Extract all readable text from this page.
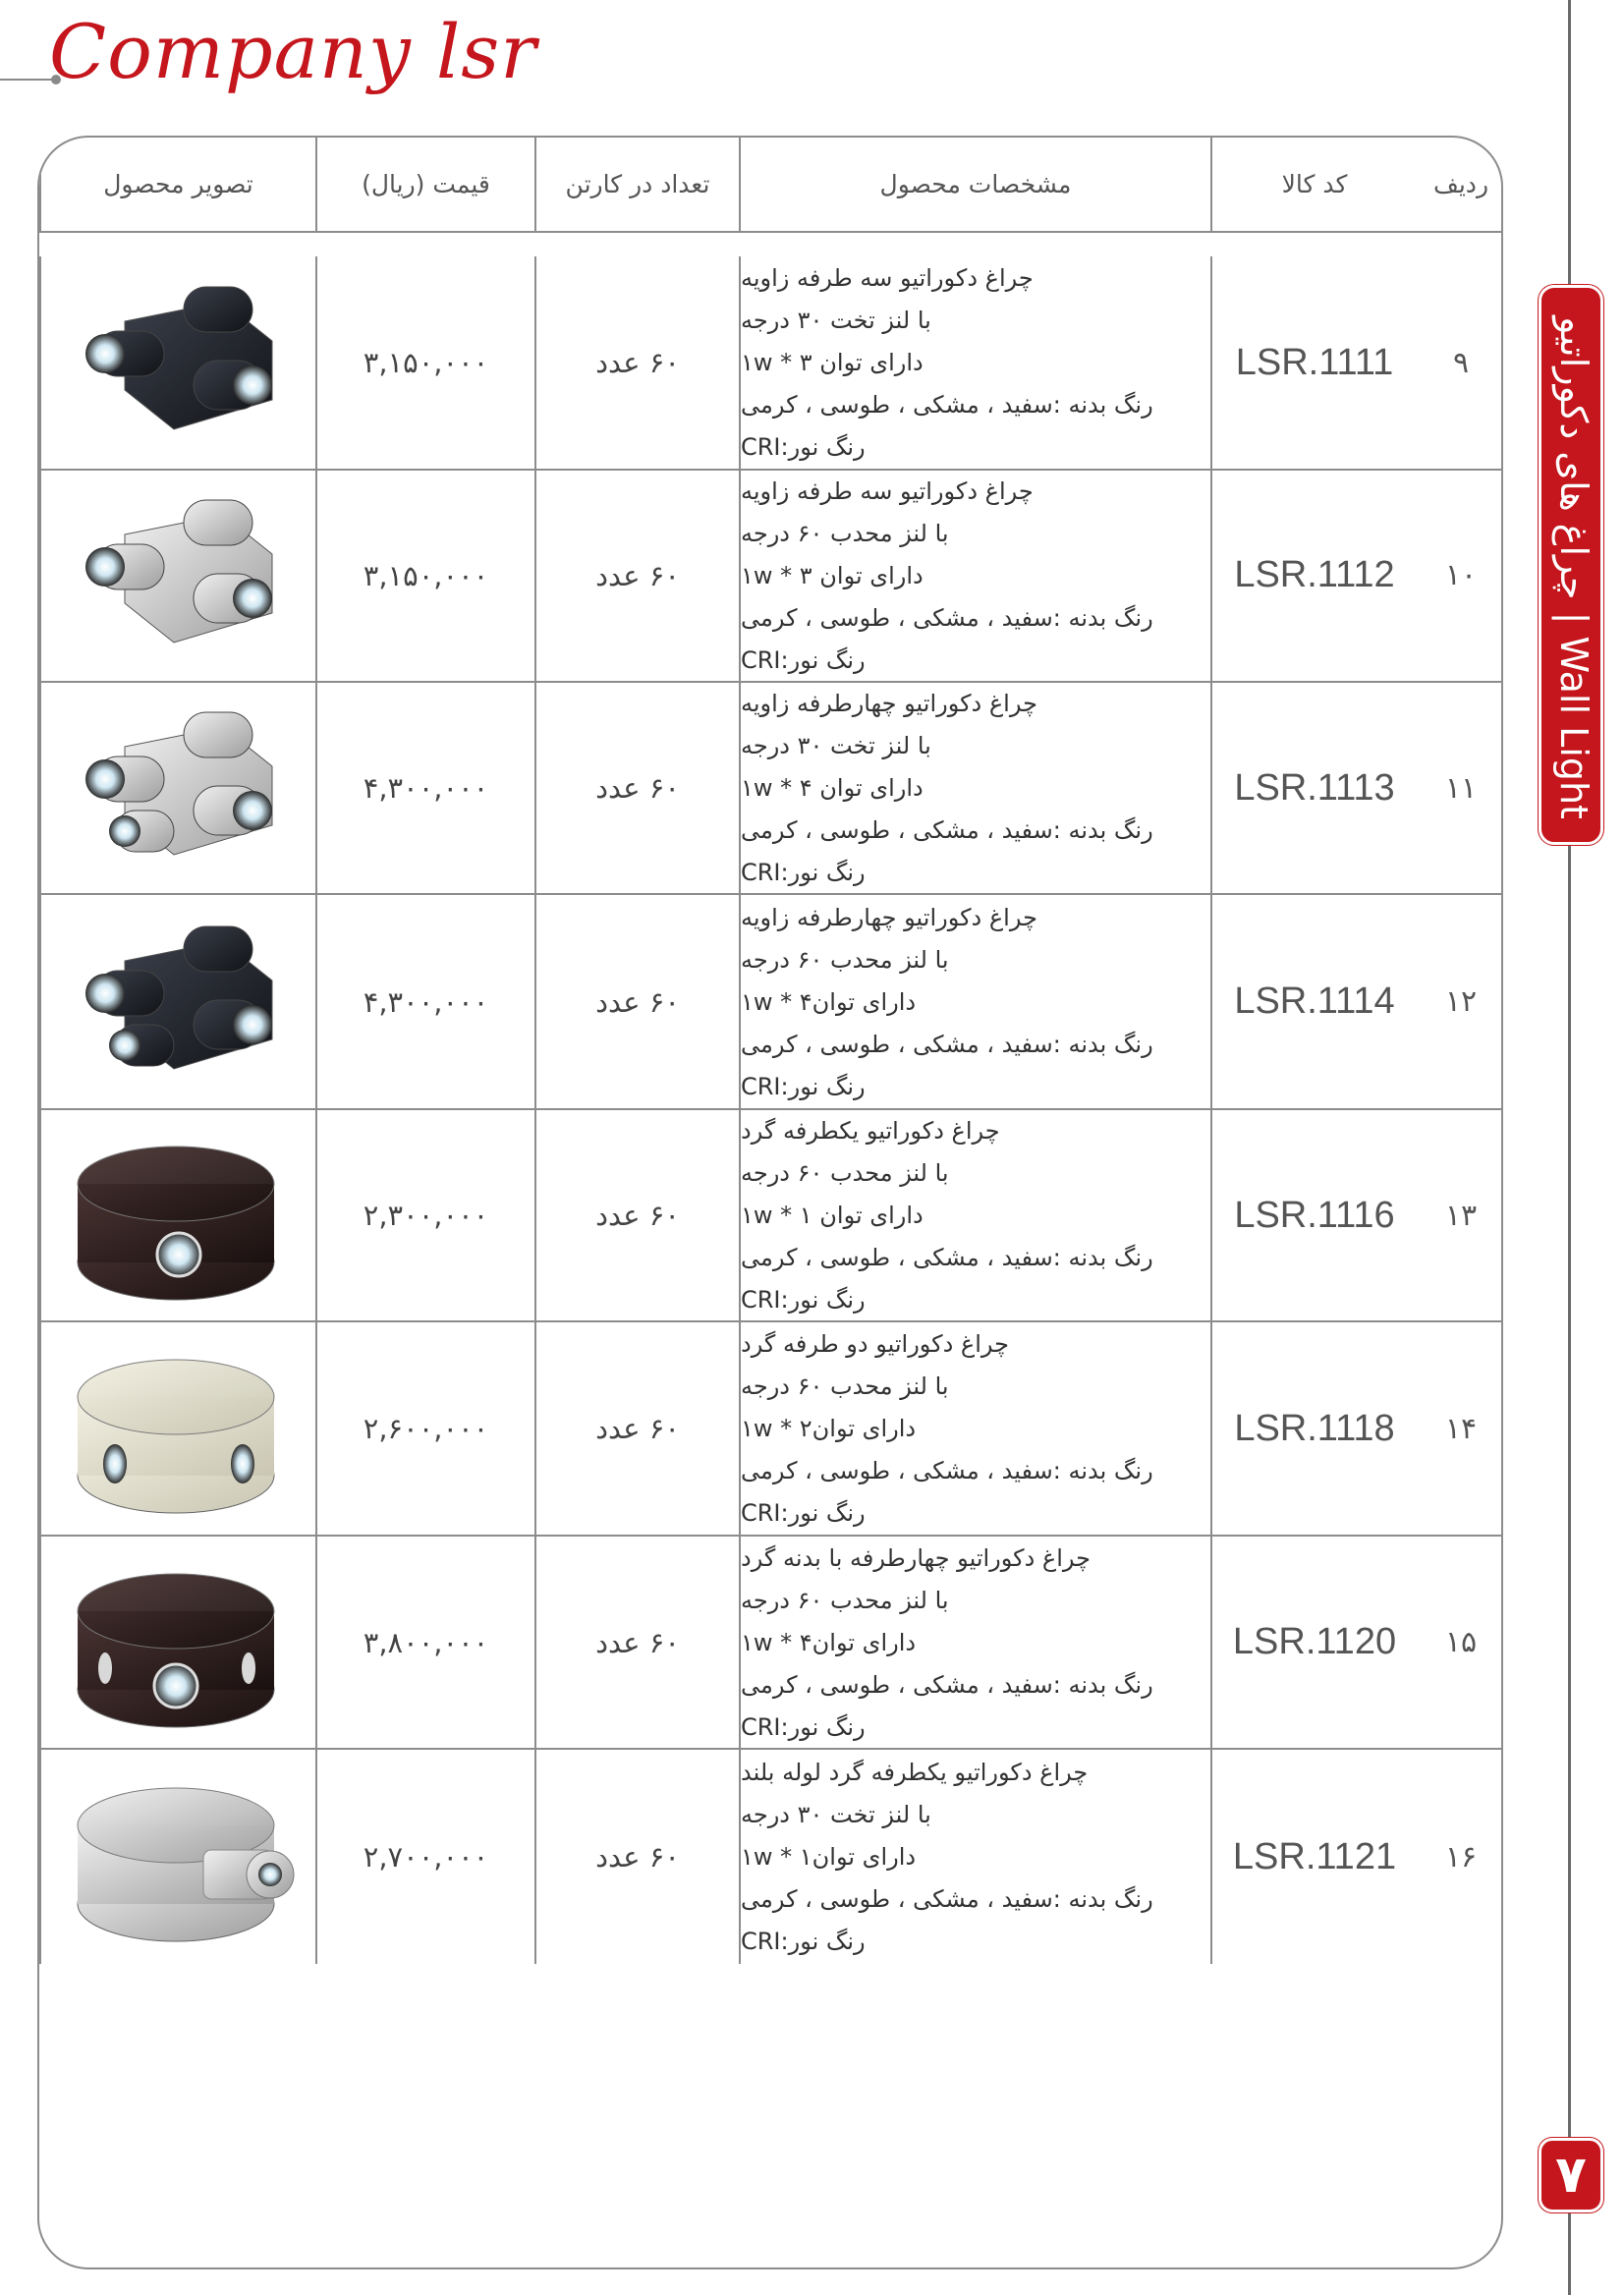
Company lsr
Wall Light | چراغ های دکوراتیو
۷
ردیف
کد کالا
مشخصات محصول
تعداد در کارتن
قیمت (ریال)
تصویر محصول
۹
LSR.1111
چراغ دکوراتیو سه طرفه زاویه
با لنز تخت ۳۰ درجه
دارای توان ۱w * ۳
رنگ بدنه :سفید ، مشکی ، طوسی ، کرمی
رنگ نور:CRI
۶۰ عدد
۳,۱۵۰,۰۰۰
۱۰
LSR.1112
چراغ دکوراتیو سه طرفه زاویه
با لنز محدب ۶۰ درجه
دارای توان ۱w * ۳
رنگ بدنه :سفید ، مشکی ، طوسی ، کرمی
رنگ نور:CRI
۶۰ عدد
۳,۱۵۰,۰۰۰
۱۱
LSR.1113
چراغ دکوراتیو چهارطرفه زاویه
با لنز تخت ۳۰ درجه
دارای توان ۱w * ۴
رنگ بدنه :سفید ، مشکی ، طوسی ، کرمی
رنگ نور:CRI
۶۰ عدد
۴,۳۰۰,۰۰۰
۱۲
LSR.1114
چراغ دکوراتیو چهارطرفه زاویه
با لنز محدب ۶۰ درجه
دارای توان۱w * ۴
رنگ بدنه :سفید ، مشکی ، طوسی ، کرمی
رنگ نور:CRI
۶۰ عدد
۴,۳۰۰,۰۰۰
۱۳
LSR.1116
چراغ دکوراتیو یکطرفه گرد
با لنز محدب ۶۰ درجه
دارای توان ۱w * ۱
رنگ بدنه :سفید ، مشکی ، طوسی ، کرمی
رنگ نور:CRI
۶۰ عدد
۲,۳۰۰,۰۰۰
۱۴
LSR.1118
چراغ دکوراتیو دو طرفه گرد
با لنز محدب ۶۰ درجه
دارای توان۱w * ۲
رنگ بدنه :سفید ، مشکی ، طوسی ، کرمی
رنگ نور:CRI
۶۰ عدد
۲,۶۰۰,۰۰۰
۱۵
LSR.1120
چراغ دکوراتیو چهارطرفه با بدنه گرد
با لنز محدب ۶۰ درجه
دارای توان۱w * ۴
رنگ بدنه :سفید ، مشکی ، طوسی ، کرمی
رنگ نور:CRI
۶۰ عدد
۳,۸۰۰,۰۰۰
۱۶
LSR.1121
چراغ دکوراتیو یکطرفه گرد لوله بلند
با لنز تخت ۳۰ درجه
دارای توان۱w * ۱
رنگ بدنه :سفید ، مشکی ، طوسی ، کرمی
رنگ نور:CRI
۶۰ عدد
۲,۷۰۰,۰۰۰
